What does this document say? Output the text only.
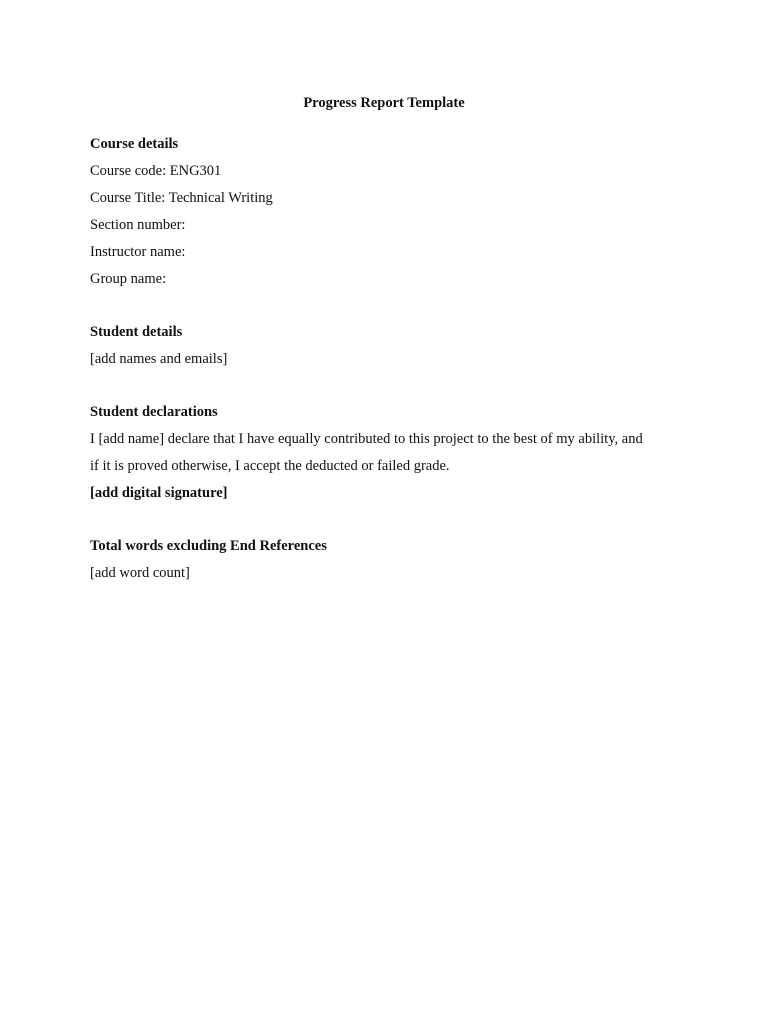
Progress Report Template

Course details

Course code: ENG301

Course Title: Technical Writing

Section number:

Instructor name:

Group name:

Student details

[add names and emails]

Student declarations

I [add name] declare that I have equally contributed to this project to the best of my ability, and

if it is proved otherwise, I accept the deducted or failed grade.

[add digital signature]

Total words excluding End References

[add word count]
